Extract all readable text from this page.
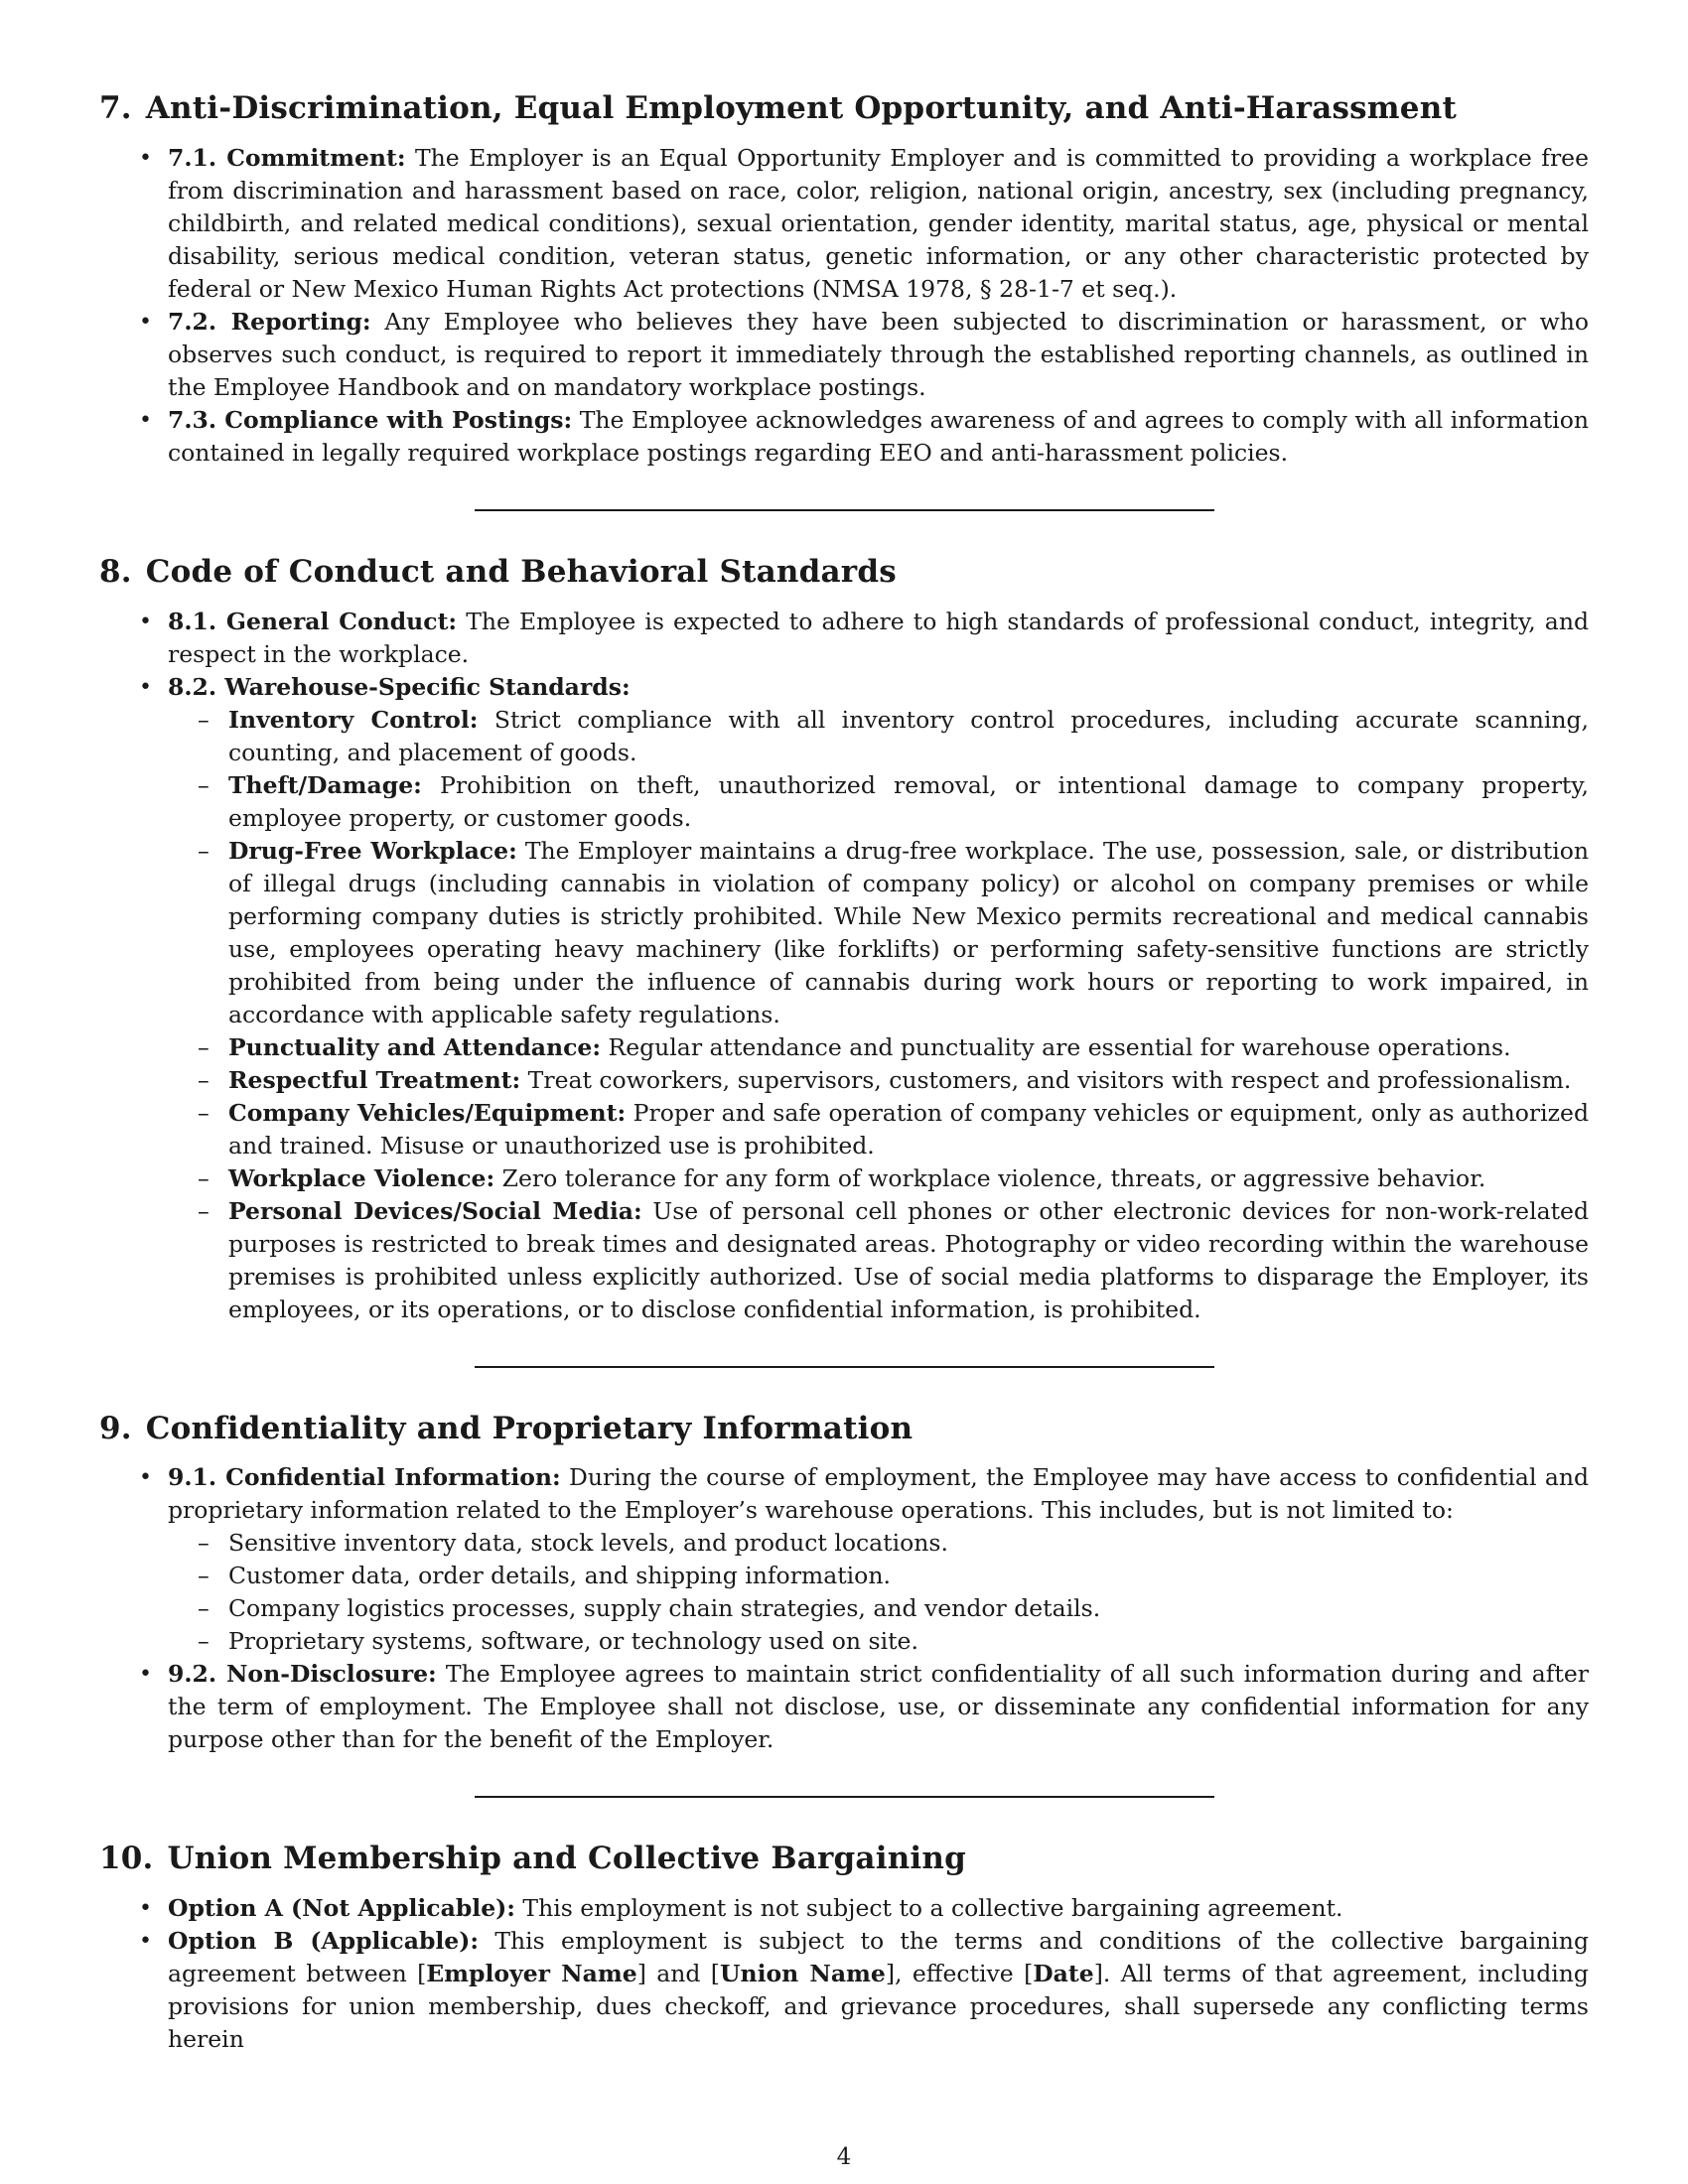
7. Anti-Discrimination, Equal Employment Opportunity, and Anti-Harassment
• 7.1. Commitment: The Employer is an Equal Opportunity Employer and is committed to providing a workplace free from discrimination and harassment based on race, color, religion, national origin, ancestry, sex (including pregnancy, childbirth, and related medical conditions), sexual orientation, gender identity, marital status, age, physical or mental disability, serious medical condition, veteran status, genetic information, or any other characteristic protected by federal or New Mexico Human Rights Act protections (NMSA 1978, § 28-1-7 et seq.).
• 7.2. Reporting: Any Employee who believes they have been subjected to discrimination or harassment, or who observes such conduct, is required to report it immediately through the established reporting channels, as outlined in the Employee Handbook and on mandatory workplace postings.
• 7.3. Compliance with Postings: The Employee acknowledges awareness of and agrees to comply with all information contained in legally required workplace postings regarding EEO and anti-harassment policies.
8. Code of Conduct and Behavioral Standards
• 8.1. General Conduct: The Employee is expected to adhere to high standards of professional conduct, integrity, and respect in the workplace.
• 8.2. Warehouse-Specific Standards:
– Inventory Control: Strict compliance with all inventory control procedures, including accurate scanning, counting, and placement of goods.
– Theft/Damage: Prohibition on theft, unauthorized removal, or intentional damage to company property, employee property, or customer goods.
– Drug-Free Workplace: The Employer maintains a drug-free workplace. The use, possession, sale, or distribution of illegal drugs (including cannabis in violation of company policy) or alcohol on company premises or while performing company duties is strictly prohibited. While New Mexico permits recreational and medical cannabis use, employees operating heavy machinery (like forklifts) or performing safety-sensitive functions are strictly prohibited from being under the influence of cannabis during work hours or reporting to work impaired, in accordance with applicable safety regulations.
– Punctuality and Attendance: Regular attendance and punctuality are essential for warehouse operations.
– Respectful Treatment: Treat coworkers, supervisors, customers, and visitors with respect and professionalism.
– Company Vehicles/Equipment: Proper and safe operation of company vehicles or equipment, only as authorized and trained. Misuse or unauthorized use is prohibited.
– Workplace Violence: Zero tolerance for any form of workplace violence, threats, or aggressive behavior.
– Personal Devices/Social Media: Use of personal cell phones or other electronic devices for non-work-related purposes is restricted to break times and designated areas. Photography or video recording within the warehouse premises is prohibited unless explicitly authorized. Use of social media platforms to disparage the Employer, its employees, or its operations, or to disclose confidential information, is prohibited.
9. Confidentiality and Proprietary Information
• 9.1. Confidential Information: During the course of employment, the Employee may have access to confidential and proprietary information related to the Employer’s warehouse operations. This includes, but is not limited to:
– Sensitive inventory data, stock levels, and product locations.
– Customer data, order details, and shipping information.
– Company logistics processes, supply chain strategies, and vendor details.
– Proprietary systems, software, or technology used on site.
• 9.2. Non-Disclosure: The Employee agrees to maintain strict confidentiality of all such information during and after the term of employment. The Employee shall not disclose, use, or disseminate any confidential information for any purpose other than for the benefit of the Employer.
10. Union Membership and Collective Bargaining
• Option A (Not Applicable): This employment is not subject to a collective bargaining agreement.
• Option B (Applicable): This employment is subject to the terms and conditions of the collective bargaining agreement between [Employer Name] and [Union Name], effective [Date]. All terms of that agreement, including provisions for union membership, dues checkoff, and grievance procedures, shall supersede any conflicting terms herein
4
